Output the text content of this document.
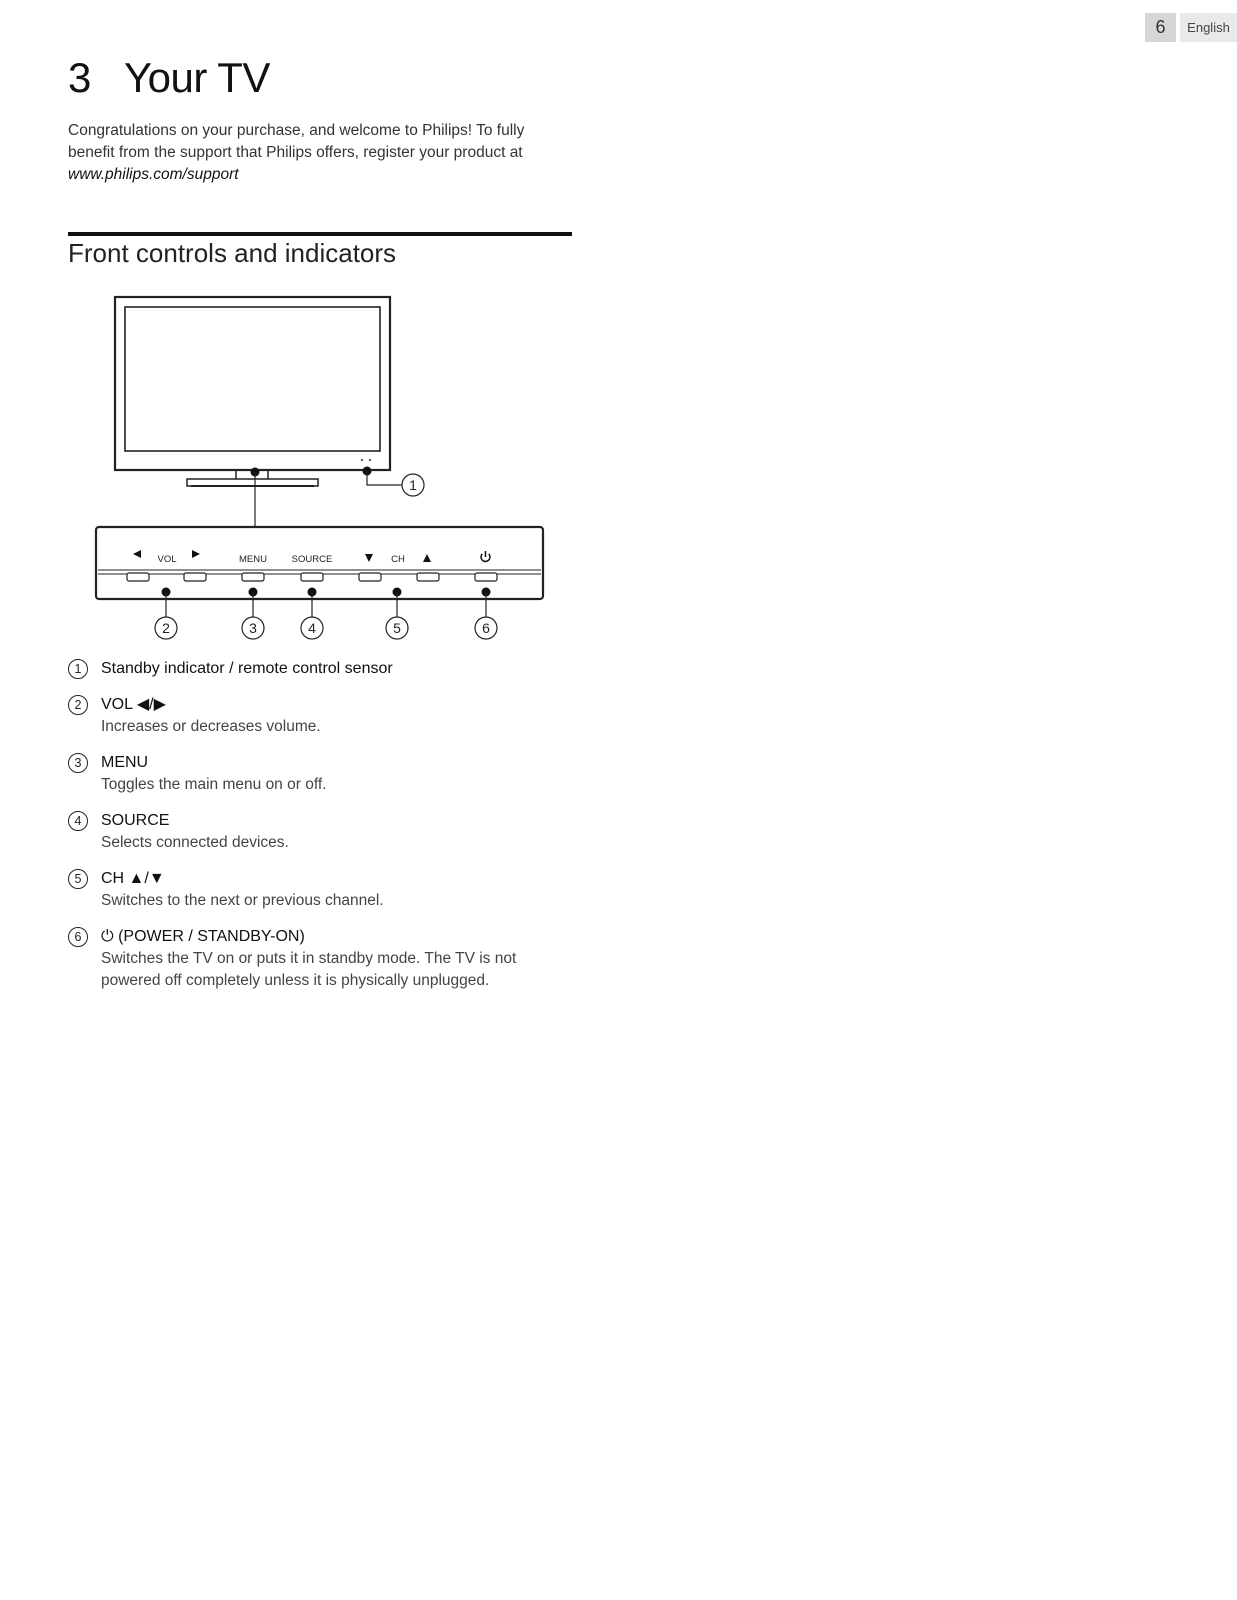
6	English
3 Your TV

Congratulations on your purchase, and welcome to Philips! To fully benefit from the support that Philips offers, register your product at
www.philips.com/support

Front controls and indicators
1
VOL	MENU	SOURCE	CH
2	3	4	5	6
1	Standby indicator / remote control sensor
2	VOL ◀/▶
Increases or decreases volume.
3	MENU
Toggles the main menu on or off.
4	SOURCE
Selects connected devices.
5	CH ▲/▼
Switches to the next or previous channel.
6	⏻ (POWER / STANDBY-ON)
Switches the TV on or puts it in standby mode. The TV is not powered off completely unless it is physically unplugged.
